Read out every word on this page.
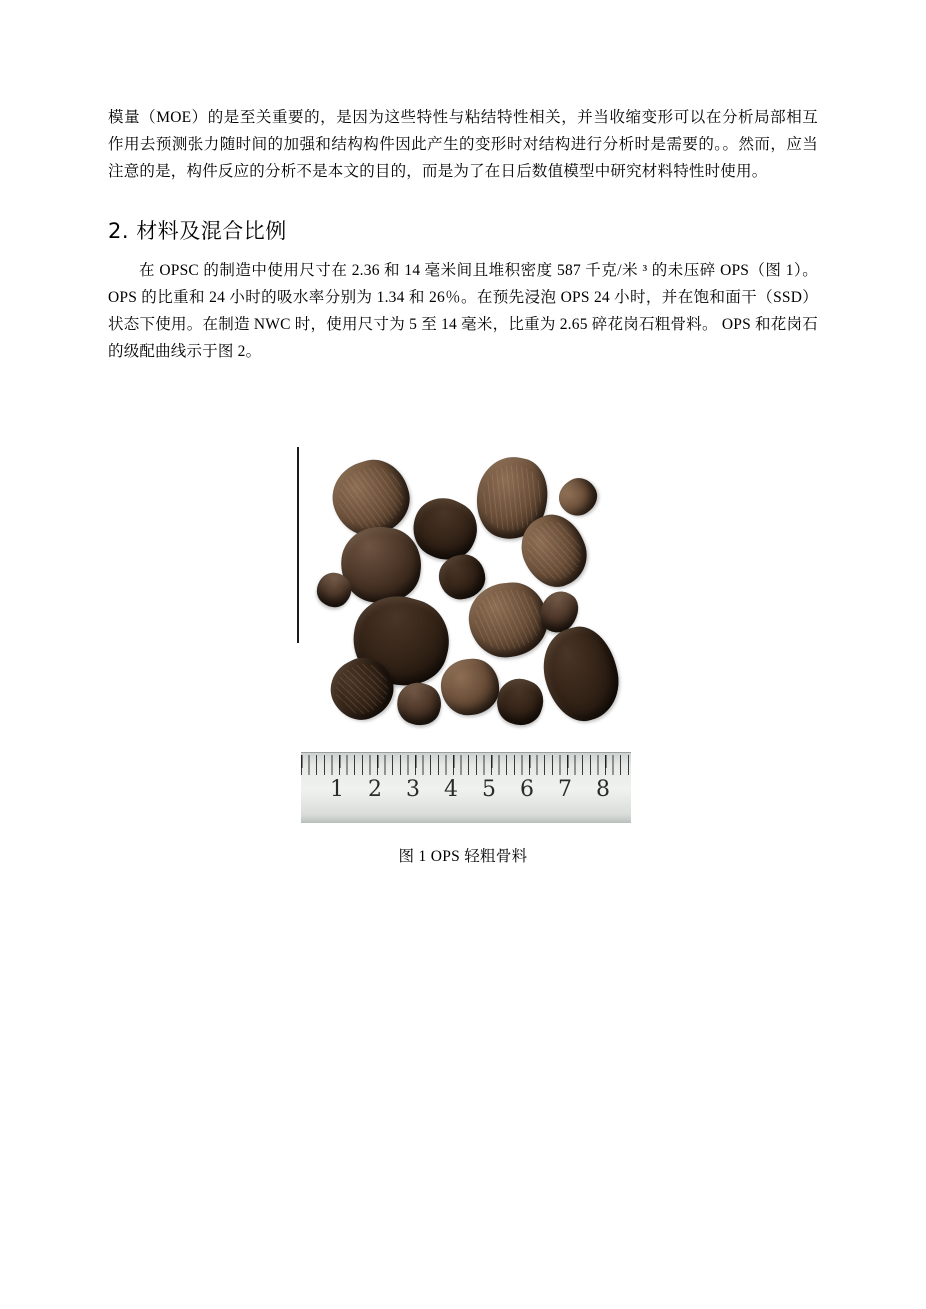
模量（MOE）的是至关重要的，是因为这些特性与粘结特性相关，并当收缩变形可以在分析局部相互作用去预测张力随时间的加强和结构构件因此产生的变形时对结构进行分析时是需要的。。然而，应当注意的是，构件反应的分析不是本文的目的，而是为了在日后数值模型中研究材料特性时使用。

2. 材料及混合比例

在 OPSC 的制造中使用尺寸在 2.36 和 14 毫米间且堆积密度 587 千克/米 ³ 的未压碎 OPS（图 1）。OPS 的比重和 24 小时的吸水率分别为 1.34 和 26％。在预先浸泡 OPS 24 小时，并在饱和面干（SSD）状态下使用。在制造 NWC 时，使用尺寸为 5 至 14 毫米，比重为 2.65 碎花岗石粗骨料。 OPS 和花岗石的级配曲线示于图 2。

1 2 3 4 5 6 7 8
图 1 OPS 轻粗骨料
